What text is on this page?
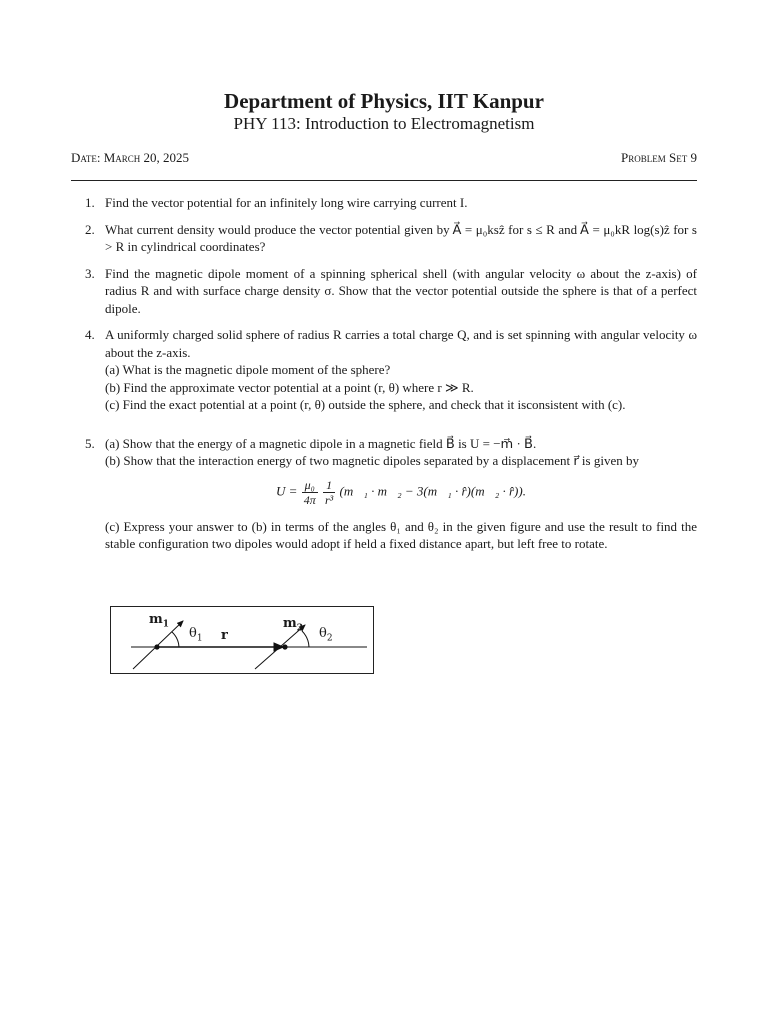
Department of Physics, IIT Kanpur
PHY 113: Introduction to Electromagnetism
Date: March 20, 2025	Problem Set 9
1. Find the vector potential for an infinitely long wire carrying current I.
2. What current density would produce the vector potential given by A⃗ = μ₀ksẑ for s ≤ R and A⃗ = μ₀kR log(s)ẑ for s > R in cylindrical coordinates?
3. Find the magnetic dipole moment of a spinning spherical shell (with angular velocity ω about the z-axis) of radius R and with surface charge density σ. Show that the vector potential outside the sphere is that of a perfect dipole.
4. A uniformly charged solid sphere of radius R carries a total charge Q, and is set spinning with angular velocity ω about the z-axis.
(a) What is the magnetic dipole moment of the sphere?
(b) Find the approximate vector potential at a point (r, θ) where r ≫ R.
(c) Find the exact potential at a point (r, θ) outside the sphere, and check that it isconsistent with (c).
5. (a) Show that the energy of a magnetic dipole in a magnetic field B⃗ is U = −m⃗ · B⃗.
(b) Show that the interaction energy of two magnetic dipoles separated by a displacement r⃗ is given by
$U = \frac{\text{μ₀}}{4\pi}$
$\frac{1}{\text{r³}}$ (m⃗₁ · m⃗₂ − 3(m⃗₁ · r̂)(m⃗₂ · r̂)).
(c) Express your answer to (b) in terms of the angles θ₁ and θ₂ in the given figure and use the result to find the stable configuration two dipoles would adopt if held a fixed distance apart, but left free to rotate.
$m_1$
$\theta_1$ r
$m_2$ $\theta_2$
